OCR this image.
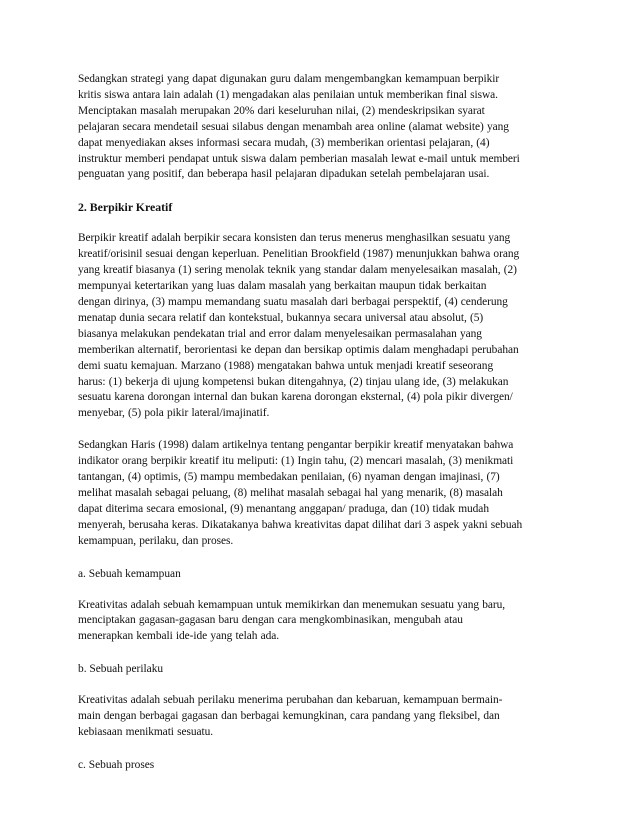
Sedangkan strategi yang dapat digunakan guru dalam mengembangkan kemampuan berpikir
kritis siswa antara lain adalah (1) mengadakan alas penilaian untuk memberikan final siswa.
Menciptakan masalah merupakan 20% dari keseluruhan nilai, (2) mendeskripsikan syarat
pelajaran secara mendetail sesuai silabus dengan menambah area online (alamat website) yang
dapat menyediakan akses informasi secara mudah, (3) memberikan orientasi pelajaran, (4)
instruktur memberi pendapat untuk siswa dalam pemberian masalah lewat e-mail untuk memberi
penguatan yang positif, dan beberapa hasil pelajaran dipadukan setelah pembelajaran usai.
2. Berpikir Kreatif
Berpikir kreatif adalah berpikir secara konsisten dan terus menerus menghasilkan sesuatu yang
kreatif/orisinil sesuai dengan keperluan. Penelitian Brookfield (1987) menunjukkan bahwa orang
yang kreatif biasanya (1) sering menolak teknik yang standar dalam menyelesaikan masalah, (2)
mempunyai ketertarikan yang luas dalam masalah yang berkaitan maupun tidak berkaitan
dengan dirinya, (3) mampu memandang suatu masalah dari berbagai perspektif, (4) cenderung
menatap dunia secara relatif dan kontekstual, bukannya secara universal atau absolut, (5)
biasanya melakukan pendekatan trial and error dalam menyelesaikan permasalahan yang
memberikan alternatif, berorientasi ke depan dan bersikap optimis dalam menghadapi perubahan
demi suatu kemajuan. Marzano (1988) mengatakan bahwa untuk menjadi kreatif seseorang
harus: (1) bekerja di ujung kompetensi bukan ditengahnya, (2) tinjau ulang ide, (3) melakukan
sesuatu karena dorongan internal dan bukan karena dorongan eksternal, (4) pola pikir divergen/
menyebar, (5) pola pikir lateral/imajinatif.
Sedangkan Haris (1998) dalam artikelnya tentang pengantar berpikir kreatif menyatakan bahwa
indikator orang berpikir kreatif itu meliputi: (1) Ingin tahu, (2) mencari masalah, (3) menikmati
tantangan, (4) optimis, (5) mampu membedakan penilaian, (6) nyaman dengan imajinasi, (7)
melihat masalah sebagai peluang, (8) melihat masalah sebagai hal yang menarik, (8) masalah
dapat diterima secara emosional, (9) menantang anggapan/ praduga, dan (10) tidak mudah
menyerah, berusaha keras. Dikatakanya bahwa kreativitas dapat dilihat dari 3 aspek yakni sebuah
kemampuan, perilaku, dan proses.
a. Sebuah kemampuan
Kreativitas adalah sebuah kemampuan untuk memikirkan dan menemukan sesuatu yang baru,
menciptakan gagasan-gagasan baru dengan cara mengkombinasikan, mengubah atau
menerapkan kembali ide-ide yang telah ada.
b. Sebuah perilaku
Kreativitas adalah sebuah perilaku menerima perubahan dan kebaruan, kemampuan bermain-
main dengan berbagai gagasan dan berbagai kemungkinan, cara pandang yang fleksibel, dan
kebiasaan menikmati sesuatu.
c. Sebuah proses
